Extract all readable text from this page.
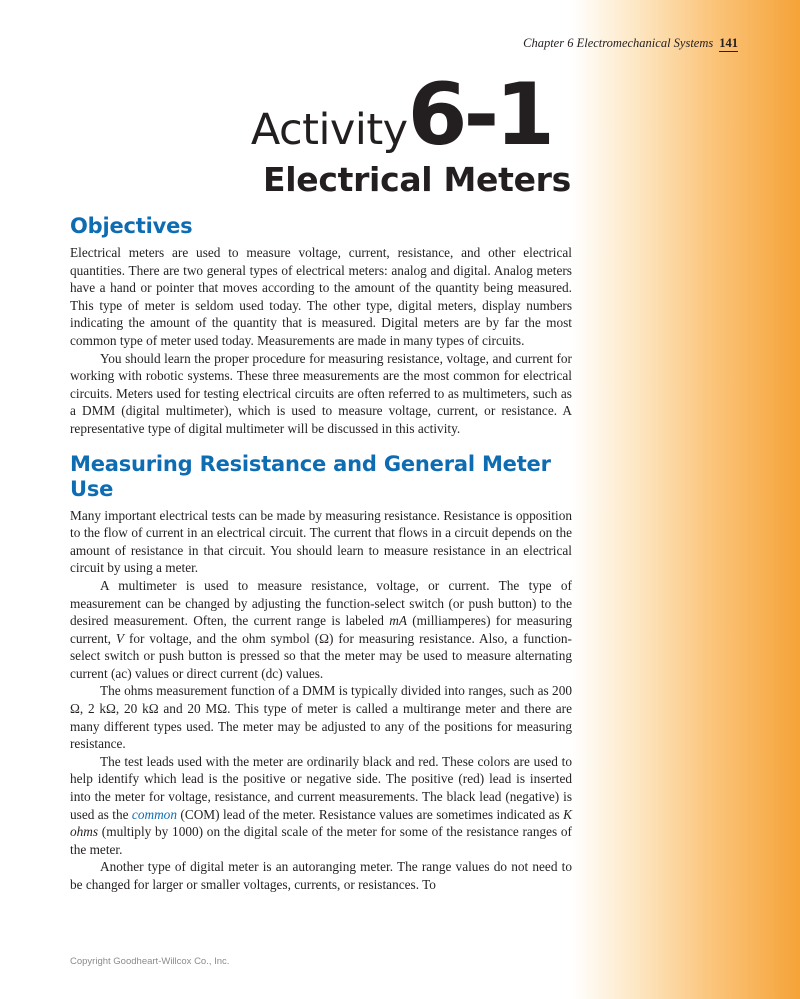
Chapter 6 Electromechanical Systems 141
Activity6-1
Electrical Meters
Objectives

Electrical meters are used to measure voltage, current, resistance, and other electrical quantities. There are two general types of electrical meters: analog and digital. Analog meters have a hand or pointer that moves according to the amount of the quantity being measured. This type of meter is seldom used today. The other type, digital meters, display numbers indicating the amount of the quantity that is measured. Digital meters are by far the most common type of meter used today. Measurements are made in many types of circuits.

You should learn the proper procedure for measuring resistance, voltage, and current for working with robotic systems. These three measurements are the most common for electrical circuits. Meters used for testing electrical circuits are often referred to as multimeters, such as a DMM (digital multimeter), which is used to measure voltage, current, or resistance. A representative type of digital multimeter will be discussed in this activity.

Measuring Resistance and General Meter Use

Many important electrical tests can be made by measuring resistance. Resistance is opposition to the flow of current in an electrical circuit. The current that flows in a circuit depends on the amount of resistance in that circuit. You should learn to measure resistance in an electrical circuit by using a meter.

A multimeter is used to measure resistance, voltage, or current. The type of measurement can be changed by adjusting the function-select switch (or push button) to the desired measurement. Often, the current range is labeled mA (milliamperes) for measuring current, V for voltage, and the ohm symbol (Ω) for measuring resistance. Also, a function-select switch or push button is pressed so that the meter may be used to measure alternating current (ac) values or direct current (dc) values.

The ohms measurement function of a DMM is typically divided into ranges, such as 200 Ω, 2 kΩ, 20 kΩ and 20 MΩ. This type of meter is called a multirange meter and there are many different types used. The meter may be adjusted to any of the positions for measuring resistance.

The test leads used with the meter are ordinarily black and red. These colors are used to help identify which lead is the positive or negative side. The positive (red) lead is inserted into the meter for voltage, resistance, and current measurements. The black lead (negative) is used as the common (COM) lead of the meter. Resistance values are sometimes indicated as K ohms (multiply by 1000) on the digital scale of the meter for some of the resistance ranges of the meter.

Another type of digital meter is an autoranging meter. The range values do not need to be changed for larger or smaller voltages, currents, or resistances. To

Copyright Goodheart-Willcox Co., Inc.
